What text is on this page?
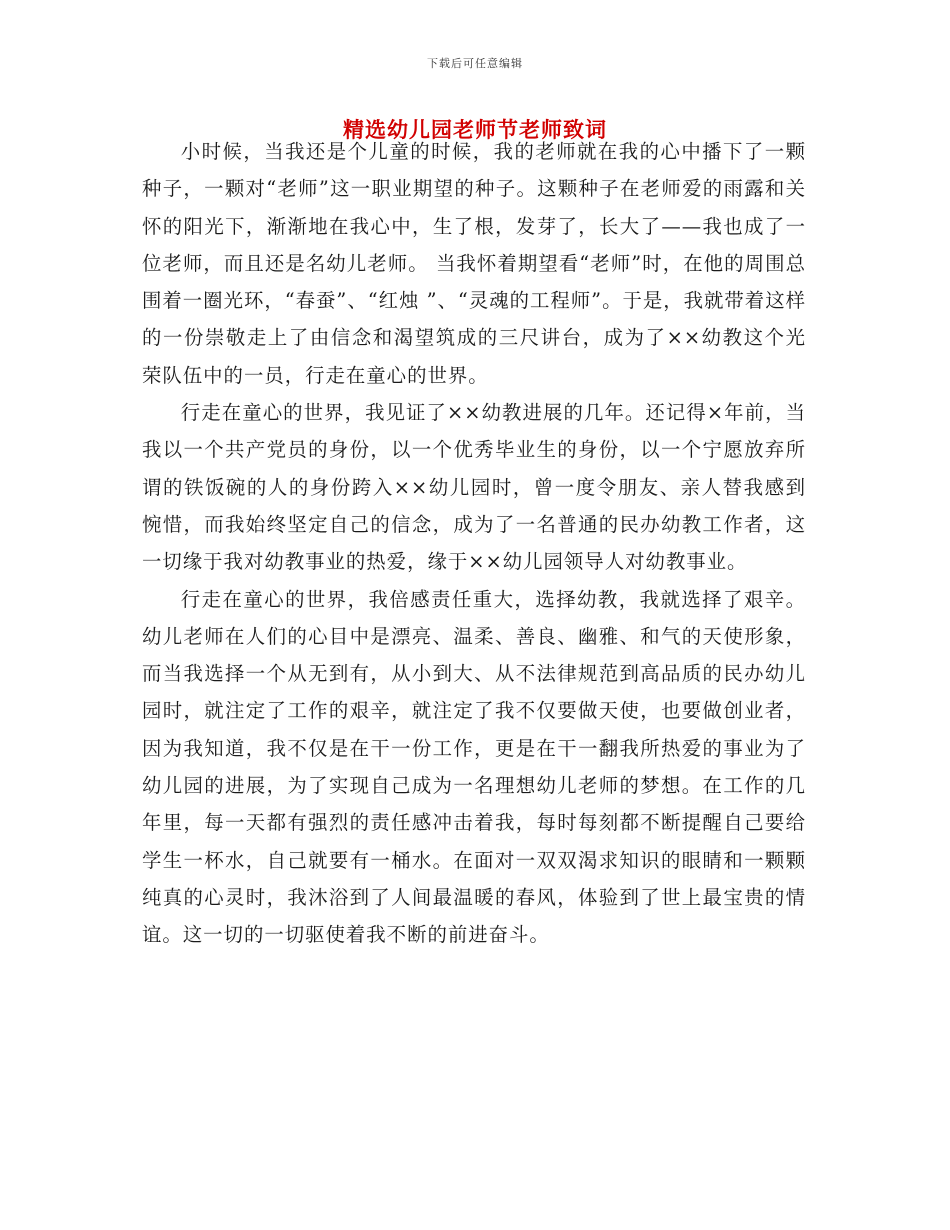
下载后可任意编辑
精选幼儿园老师节老师致词

小时候，当我还是个儿童的时候，我的老师就在我的心中播下了一颗种子，一颗对“老师”这一职业期望的种子。这颗种子在老师爱的雨露和关怀的阳光下，渐渐地在我心中，生了根，发芽了，长大了——我也成了一位老师，而且还是名幼儿老师。 当我怀着期望看“老师”时，在他的周围总围着一圈光环，“春蚕”、“红烛 ”、“灵魂的工程师”。于是，我就带着这样的一份崇敬走上了由信念和渴望筑成的三尺讲台，成为了××幼教这个光荣队伍中的一员，行走在童心的世界。

行走在童心的世界，我见证了××幼教进展的几年。还记得×年前，当我以一个共产党员的身份，以一个优秀毕业生的身份，以一个宁愿放弃所谓的铁饭碗的人的身份跨入××幼儿园时，曾一度令朋友、亲人替我感到惋惜，而我始终坚定自己的信念，成为了一名普通的民办幼教工作者，这一切缘于我对幼教事业的热爱，缘于××幼儿园领导人对幼教事业。

行走在童心的世界，我倍感责任重大，选择幼教，我就选择了艰辛。幼儿老师在人们的心目中是漂亮、温柔、善良、幽雅、和气的天使形象，而当我选择一个从无到有，从小到大、从不法律规范到高品质的民办幼儿园时，就注定了工作的艰辛，就注定了我不仅要做天使，也要做创业者，因为我知道，我不仅是在干一份工作，更是在干一翻我所热爱的事业为了幼儿园的进展，为了实现自己成为一名理想幼儿老师的梦想。在工作的几年里，每一天都有强烈的责任感冲击着我，每时每刻都不断提醒自己要给学生一杯水，自己就要有一桶水。在面对一双双渴求知识的眼睛和一颗颗纯真的心灵时，我沐浴到了人间最温暖的春风，体验到了世上最宝贵的情谊。这一切的一切驱使着我不断的前进奋斗。
